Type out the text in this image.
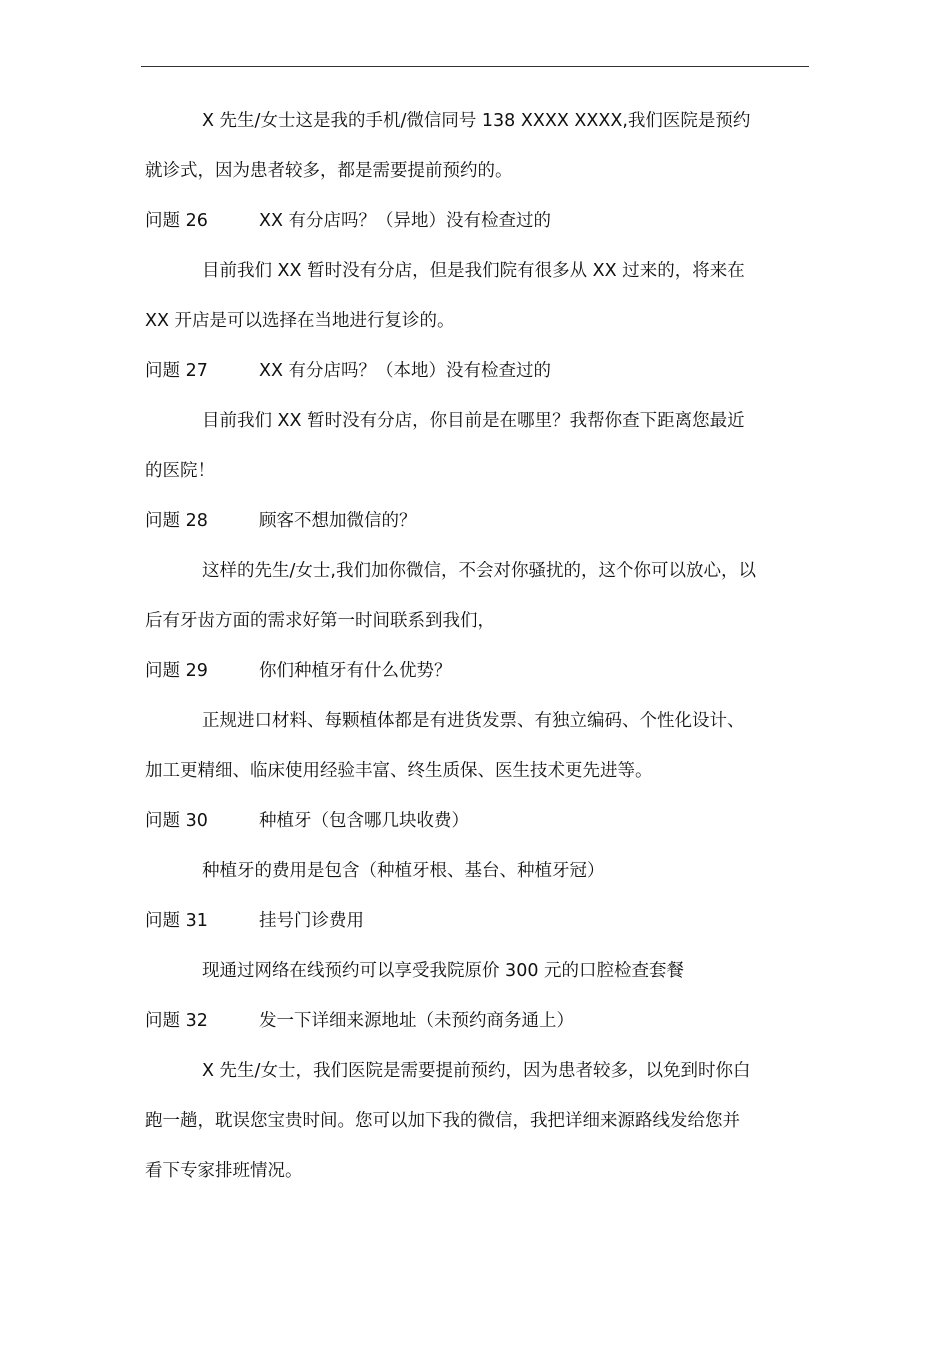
X 先生/女士这是我的手机/微信同号 138 XXXX XXXX,我们医院是预约
就诊式，因为患者较多，都是需要提前预约的。
问题 26	XX 有分店吗？（异地）没有检查过的
目前我们 XX 暂时没有分店，但是我们院有很多从 XX 过来的，将来在
XX 开店是可以选择在当地进行复诊的。
问题 27	XX 有分店吗？（本地）没有检查过的
目前我们 XX 暂时没有分店，你目前是在哪里？我帮你查下距离您最近
的医院！
问题 28	顾客不想加微信的？
这样的先生/女士,我们加你微信，不会对你骚扰的，这个你可以放心，以
后有牙齿方面的需求好第一时间联系到我们，
问题 29	你们种植牙有什么优势？
正规进口材料、每颗植体都是有进货发票、有独立编码、个性化设计、
加工更精细、临床使用经验丰富、终生质保、医生技术更先进等。
问题 30	种植牙（包含哪几块收费）
种植牙的费用是包含（种植牙根、基台、种植牙冠）
问题 31	挂号门诊费用
现通过网络在线预约可以享受我院原价 300 元的口腔检查套餐
问题 32	发一下详细来源地址（未预约商务通上）
X 先生/女士，我们医院是需要提前预约，因为患者较多，以免到时你白
跑一趟，耽误您宝贵时间。您可以加下我的微信，我把详细来源路线发给您并
看下专家排班情况。
